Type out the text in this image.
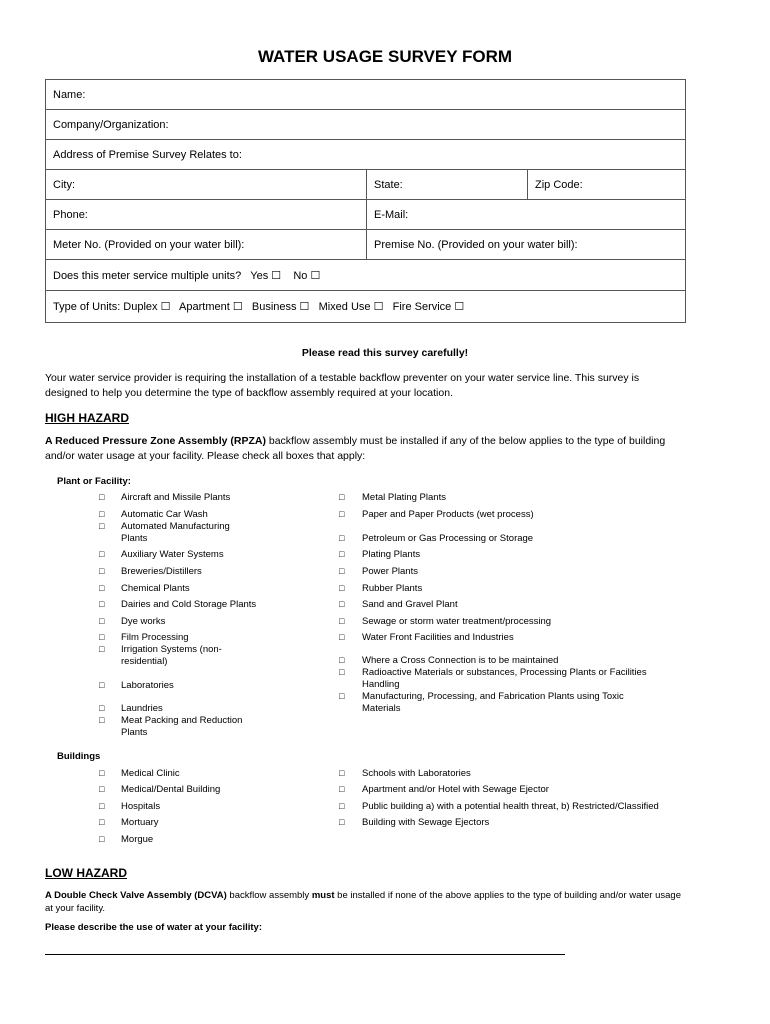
WATER USAGE SURVEY FORM
Name:
Company/Organization:
Address of Premise Survey Relates to:
City:	State:	Zip Code:
Phone:	E-Mail:
Meter No. (Provided on your water bill):	Premise No. (Provided on your water bill):
Does this meter service multiple units?   Yes ☐    No ☐
Type of Units: Duplex ☐   Apartment ☐   Business ☐   Mixed Use ☐   Fire Service ☐
Please read this survey carefully!
Your water service provider is requiring the installation of a testable backflow preventer on your water service line. This survey is
designed to help you determine the type of backflow assembly required at your location.
HIGH HAZARD
A Reduced Pressure Zone Assembly (RPZA) backflow assembly must be installed if any of the below applies to the type of building
and/or water usage at your facility. Please check all boxes that apply:
Plant or Facility:
□ Aircraft and Missile Plants
□ Automatic Car Wash
□ Automated Manufacturing
Plants
□ Auxiliary Water Systems
□ Breweries/Distillers
□ Chemical Plants
□ Dairies and Cold Storage Plants
□ Dye works
□ Film Processing
□ Irrigation Systems (non-
residential)
□ Laboratories
□ Laundries
□ Meat Packing and Reduction
Plants
□ Metal Plating Plants
□ Paper and Paper Products (wet process)
□ Petroleum or Gas Processing or Storage
□ Plating Plants
□ Power Plants
□ Rubber Plants
□ Sand and Gravel Plant
□ Sewage or storm water treatment/processing
□ Water Front Facilities and Industries
□ Where a Cross Connection is to be maintained
□ Radioactive Materials or substances, Processing Plants or Facilities
Handling
□ Manufacturing, Processing, and Fabrication Plants using Toxic
Materials
Buildings
□ Medical Clinic
□ Medical/Dental Building
□ Hospitals
□ Mortuary
□ Morgue
□ Schools with Laboratories
□ Apartment and/or Hotel with Sewage Ejector
□ Public building a) with a potential health threat, b) Restricted/Classified
□ Building with Sewage Ejectors
LOW HAZARD
A Double Check Valve Assembly (DCVA) backflow assembly must be installed if none of the above applies to the type of building and/or water usage
at your facility.
Please describe the use of water at your facility:
